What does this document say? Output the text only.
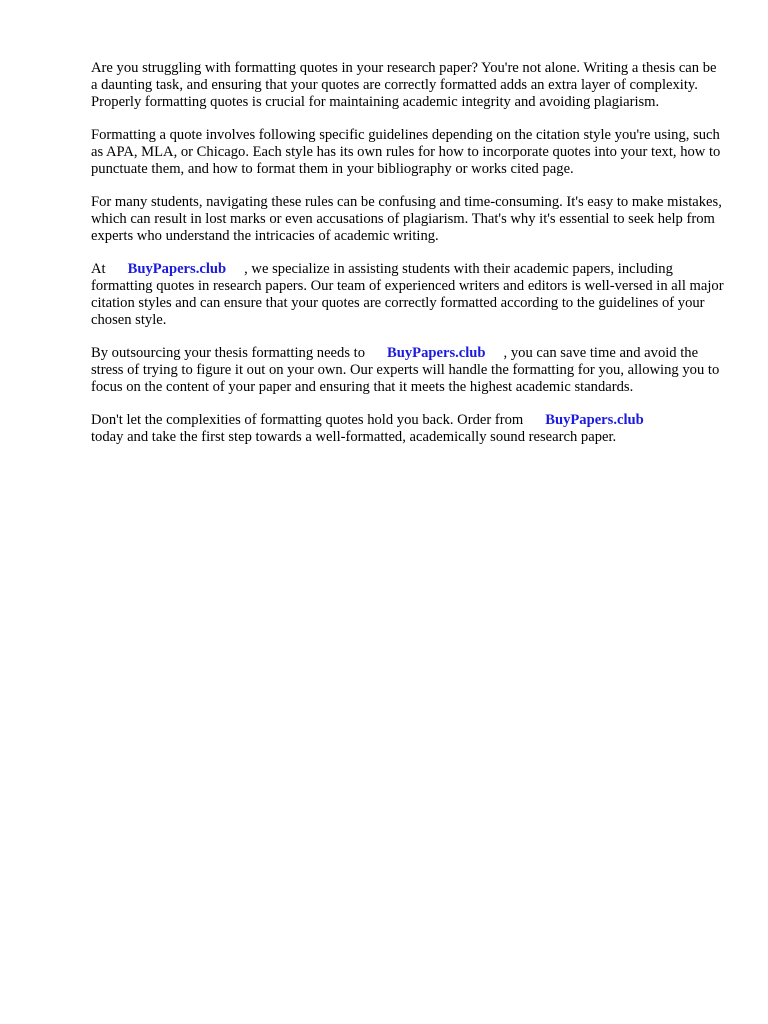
Are you struggling with formatting quotes in your research paper? You're not alone. Writing a thesis can be a daunting task, and ensuring that your quotes are correctly formatted adds an extra layer of complexity. Properly formatting quotes is crucial for maintaining academic integrity and avoiding plagiarism.

Formatting a quote involves following specific guidelines depending on the citation style you're using, such as APA, MLA, or Chicago. Each style has its own rules for how to incorporate quotes into your text, how to punctuate them, and how to format them in your bibliography or works cited page.

For many students, navigating these rules can be confusing and time-consuming. It's easy to make mistakes, which can result in lost marks or even accusations of plagiarism. That's why it's essential to seek help from experts who understand the intricacies of academic writing.

At BuyPapers.club , we specialize in assisting students with their academic papers, including formatting quotes in research papers. Our team of experienced writers and editors is well-versed in all major citation styles and can ensure that your quotes are correctly formatted according to the guidelines of your chosen style.

By outsourcing your thesis formatting needs to BuyPapers.club , you can save time and avoid the stress of trying to figure it out on your own. Our experts will handle the formatting for you, allowing you to focus on the content of your paper and ensuring that it meets the highest academic standards.

Don't let the complexities of formatting quotes hold you back. Order from BuyPapers.club
today and take the first step towards a well-formatted, academically sound research paper.
